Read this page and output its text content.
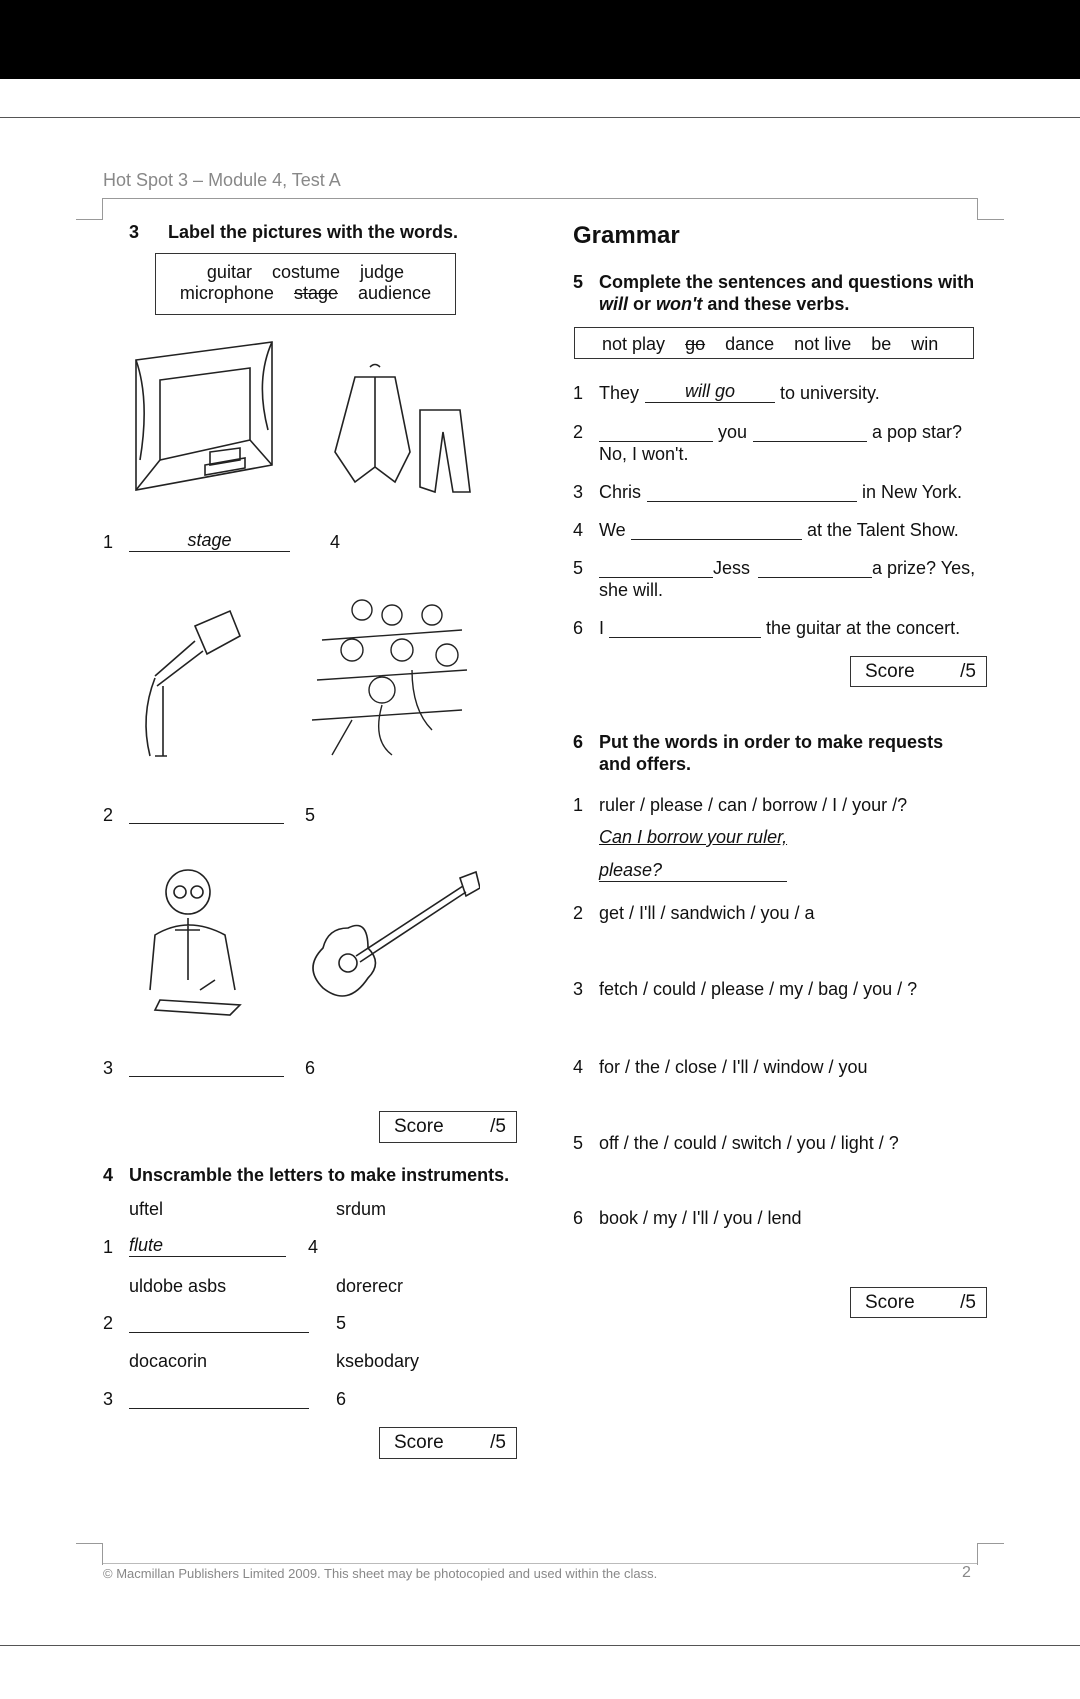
Hot Spot 3 – Module 4, Test A
3 Label the pictures with the words.
guitar costume judge
microphone stage audience
1	stage	4
2	5
3	6
Score /5
4 Unscramble the letters to make instruments.
uftel	srdum
1 flute	4
uldobe asbs	dorerecr
2	5
docacorin	ksebodary
3	6
Score /5
Grammar
5 Complete the sentences and questions with
will or won't and these verbs.
not play go dance not live be win
1 They	will go	to university.
2	you	a pop star?
No, I won't.
3 Chris	in New York.
4 We	at the Talent Show.
5	Jess	a prize? Yes,
she will.
6 I	the guitar at the concert.
Score /5
6 Put the words in order to make requests
and offers.
1 ruler / please / can / borrow / I / your /?
Can I borrow your ruler,
please?
2 get / I'll / sandwich / you / a
3 fetch / could / please / my / bag / you / ?
4 for / the / close / I'll / window / you
5 off / the / could / switch / you / light / ?
6 book / my / I'll / you / lend
Score /5
© Macmillan Publishers Limited 2009. This sheet may be photocopied and used within the class.	2
